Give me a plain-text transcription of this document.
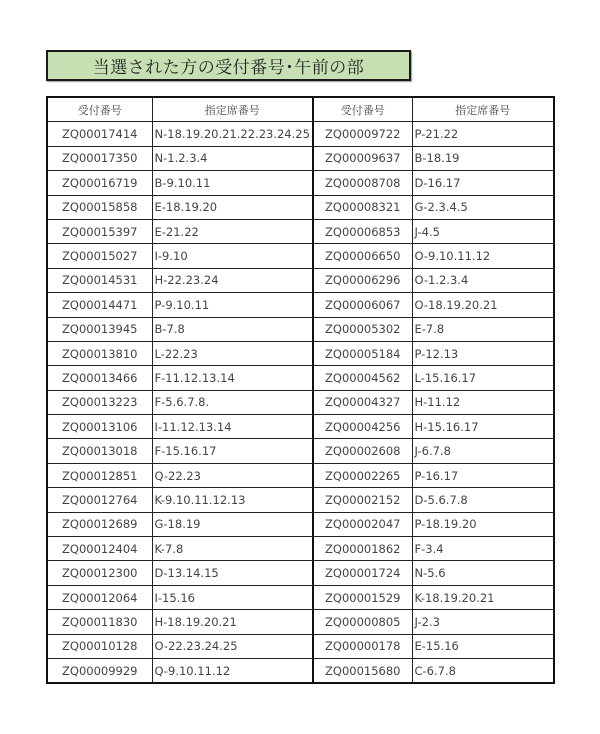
当選された方の受付番号･午前の部
受付番号	指定席番号	受付番号	指定席番号
ZQ00017414	N-18.19.20.21.22.23.24.25	ZQ00009722	P-21.22
ZQ00017350	N-1.2.3.4	ZQ00009637	B-18.19
ZQ00016719	B-9.10.11	ZQ00008708	D-16.17
ZQ00015858	E-18.19.20	ZQ00008321	G-2.3.4.5
ZQ00015397	E-21.22	ZQ00006853	J-4.5
ZQ00015027	I-9.10	ZQ00006650	O-9.10.11.12
ZQ00014531	H-22.23.24	ZQ00006296	O-1.2.3.4
ZQ00014471	P-9.10.11	ZQ00006067	O-18.19.20.21
ZQ00013945	B-7.8	ZQ00005302	E-7.8
ZQ00013810	L-22.23	ZQ00005184	P-12.13
ZQ00013466	F-11.12.13.14	ZQ00004562	L-15.16.17
ZQ00013223	F-5.6.7.8.	ZQ00004327	H-11.12
ZQ00013106	I-11.12.13.14	ZQ00004256	H-15.16.17
ZQ00013018	F-15.16.17	ZQ00002608	J-6.7.8
ZQ00012851	Q-22.23	ZQ00002265	P-16.17
ZQ00012764	K-9.10.11.12.13	ZQ00002152	D-5.6.7.8
ZQ00012689	G-18.19	ZQ00002047	P-18.19.20
ZQ00012404	K-7.8	ZQ00001862	F-3.4
ZQ00012300	D-13.14.15	ZQ00001724	N-5.6
ZQ00012064	I-15.16	ZQ00001529	K-18.19.20.21
ZQ00011830	H-18.19.20.21	ZQ00000805	J-2.3
ZQ00010128	O-22.23.24.25	ZQ00000178	E-15.16
ZQ00009929	Q-9.10.11.12	ZQ00015680	C-6.7.8
